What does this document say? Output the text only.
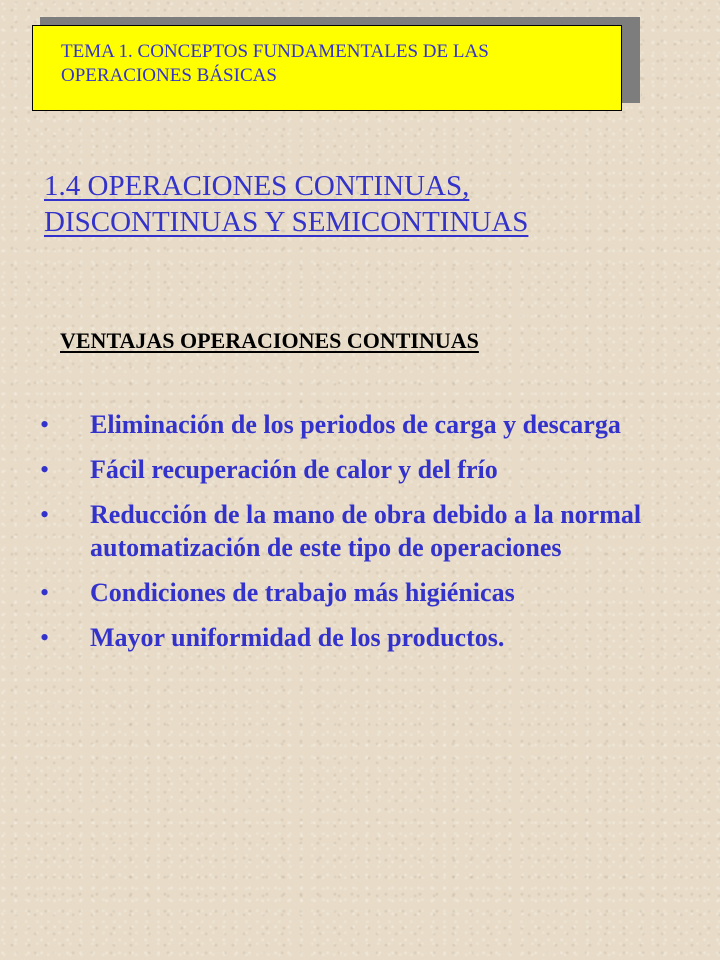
TEMA 1. CONCEPTOS FUNDAMENTALES DE LAS
OPERACIONES BÁSICAS
1.4 OPERACIONES CONTINUAS,
DISCONTINUAS Y SEMICONTINUAS
VENTAJAS OPERACIONES CONTINUAS
• Eliminación de los periodos de carga y descarga
• Fácil recuperación de calor y del frío
• Reducción de la mano de obra debido a la normal automatización de este tipo de operaciones
• Condiciones de trabajo más higiénicas
• Mayor uniformidad de los productos.
